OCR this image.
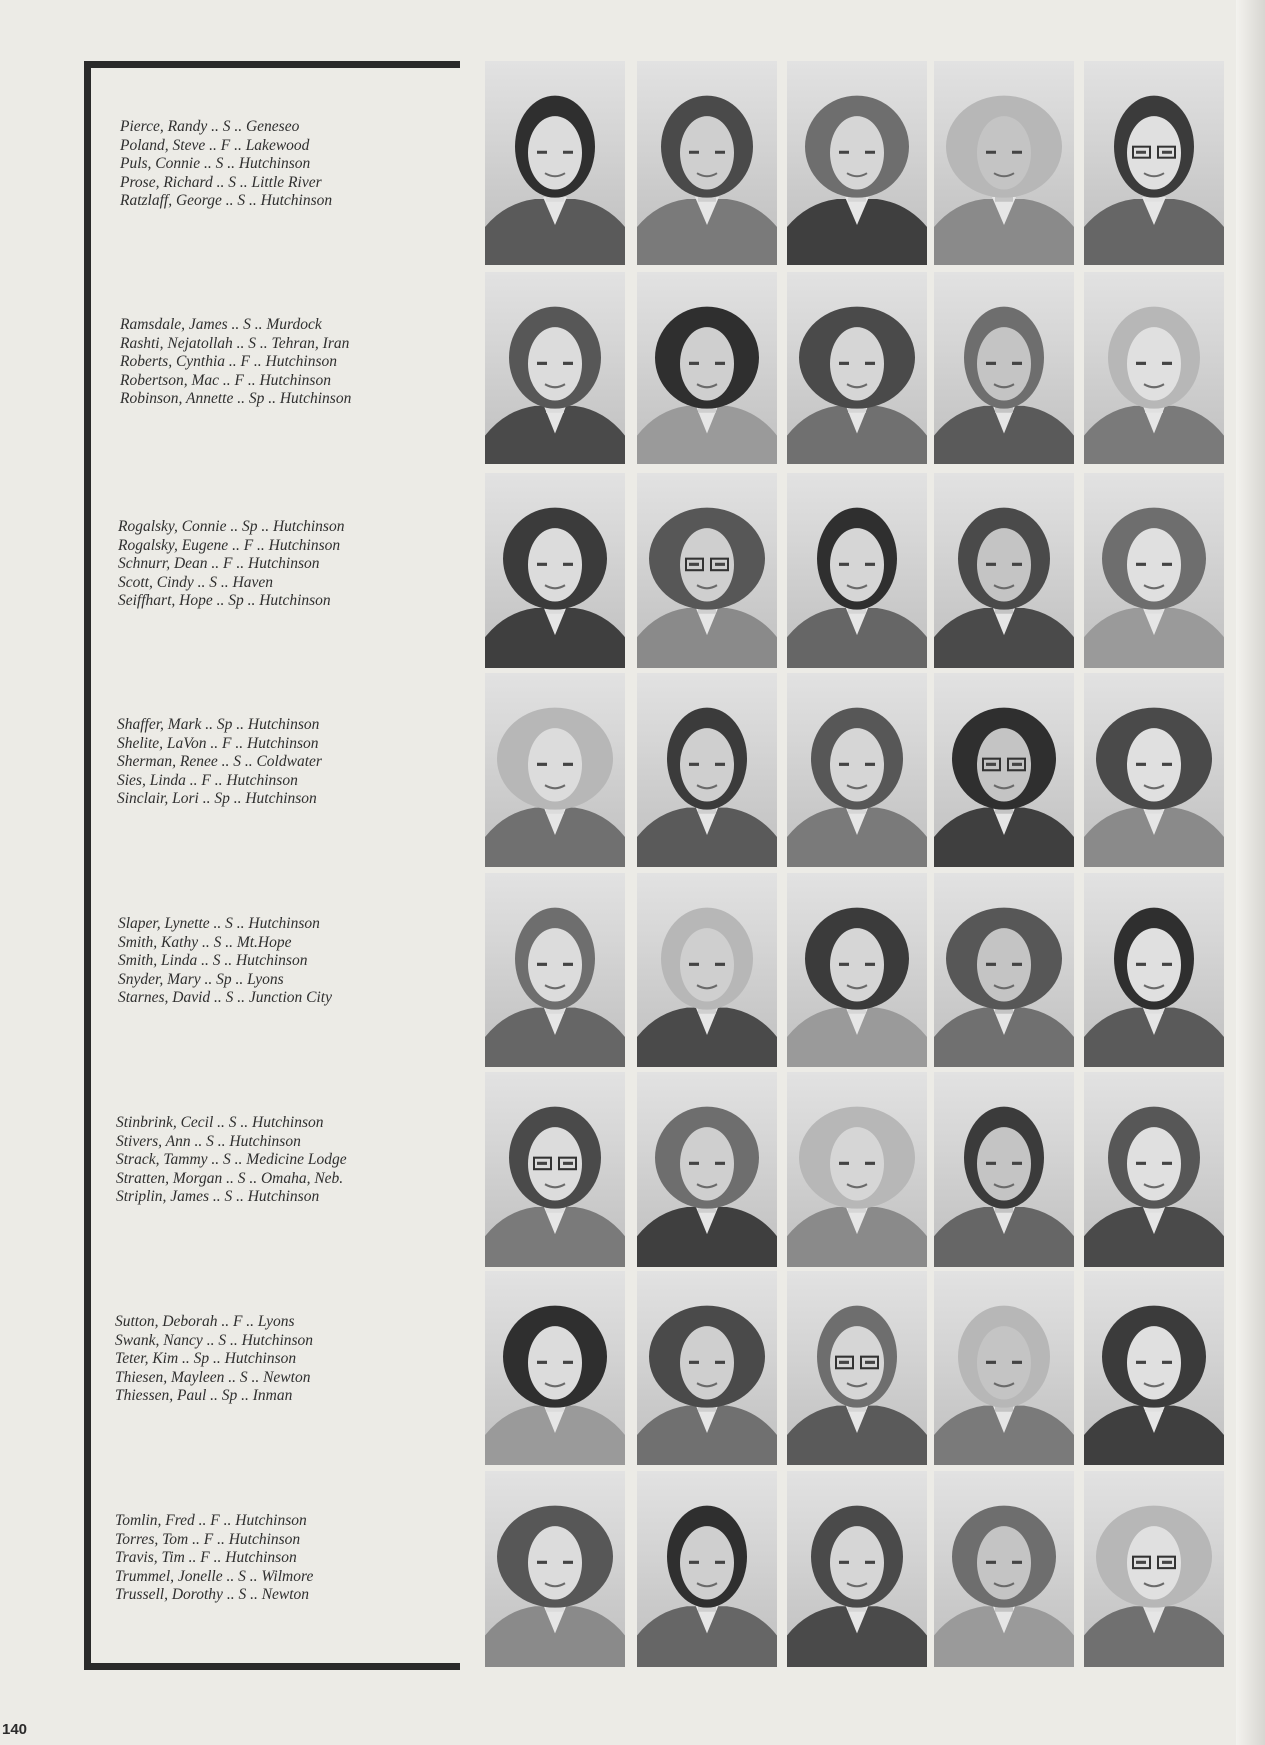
Pierce, Randy .. S .. Geneseo
Poland, Steve .. F .. Lakewood
Puls, Connie .. S .. Hutchinson
Prose, Richard .. S .. Little River
Ratzlaff, George .. S .. Hutchinson
Ramsdale, James .. S .. Murdock
Rashti, Nejatollah .. S .. Tehran, Iran
Roberts, Cynthia .. F .. Hutchinson
Robertson, Mac .. F .. Hutchinson
Robinson, Annette .. Sp .. Hutchinson
Rogalsky, Connie .. Sp .. Hutchinson
Rogalsky, Eugene .. F .. Hutchinson
Schnurr, Dean .. F .. Hutchinson
Scott, Cindy .. S .. Haven
Seiffhart, Hope .. Sp .. Hutchinson
Shaffer, Mark .. Sp .. Hutchinson
Shelite, LaVon .. F .. Hutchinson
Sherman, Renee .. S .. Coldwater
Sies, Linda .. F .. Hutchinson
Sinclair, Lori .. Sp .. Hutchinson
Slaper, Lynette .. S .. Hutchinson
Smith, Kathy .. S .. Mt.Hope
Smith, Linda .. S .. Hutchinson
Snyder, Mary .. Sp .. Lyons
Starnes, David .. S .. Junction City
Stinbrink, Cecil .. S .. Hutchinson
Stivers, Ann .. S .. Hutchinson
Strack, Tammy .. S .. Medicine Lodge
Stratten, Morgan .. S .. Omaha, Neb.
Striplin, James .. S .. Hutchinson
Sutton, Deborah .. F .. Lyons
Swank, Nancy .. S .. Hutchinson
Teter, Kim .. Sp .. Hutchinson
Thiesen, Mayleen .. S .. Newton
Thiessen, Paul .. Sp .. Inman
Tomlin, Fred .. F .. Hutchinson
Torres, Tom .. F .. Hutchinson
Travis, Tim .. F .. Hutchinson
Trummel, Jonelle .. S .. Wilmore
Trussell, Dorothy .. S .. Newton
140
